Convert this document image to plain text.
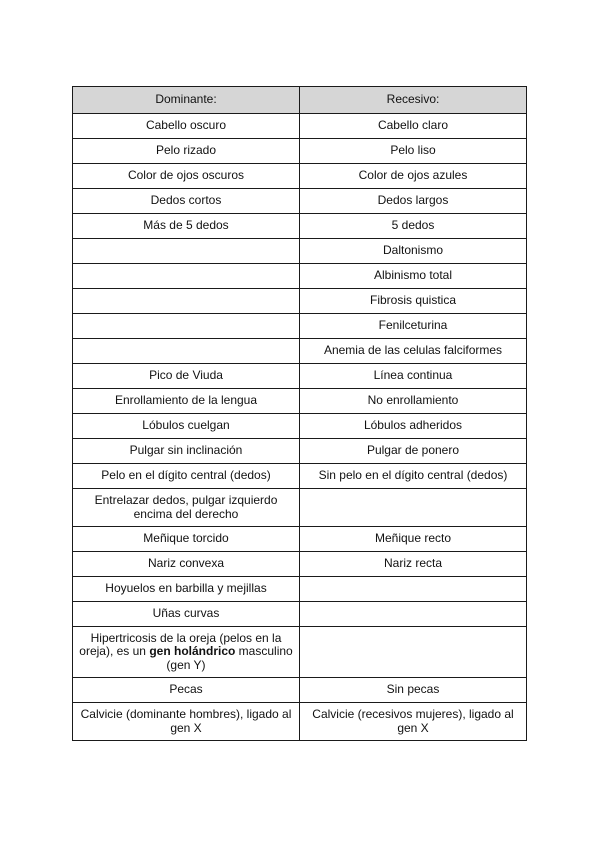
Dominante:	Recesivo:
Cabello oscuro	Cabello claro
Pelo rizado	Pelo liso
Color de ojos oscuros	Color de ojos azules
Dedos cortos	Dedos largos
Más de 5 dedos	5 dedos
	Daltonismo
	Albinismo total
	Fibrosis quistica
	Fenilceturina
	Anemia de las celulas falciformes
Pico de Viuda	Línea continua
Enrollamiento de la lengua	No enrollamiento
Lóbulos cuelgan	Lóbulos adheridos
Pulgar sin inclinación	Pulgar de ponero
Pelo en el dígito central (dedos)	Sin pelo en el dígito central (dedos)
Entrelazar dedos, pulgar izquierdo encima del derecho	
Meñique torcido	Meñique recto
Nariz convexa	Nariz recta
Hoyuelos en barbilla y mejillas	
Uñas curvas	
Hipertricosis de la oreja (pelos en la oreja), es un gen holándrico masculino (gen Y)	
Pecas	Sin pecas
Calvicie (dominante hombres), ligado al gen X	Calvicie (recesivos mujeres), ligado al gen X
